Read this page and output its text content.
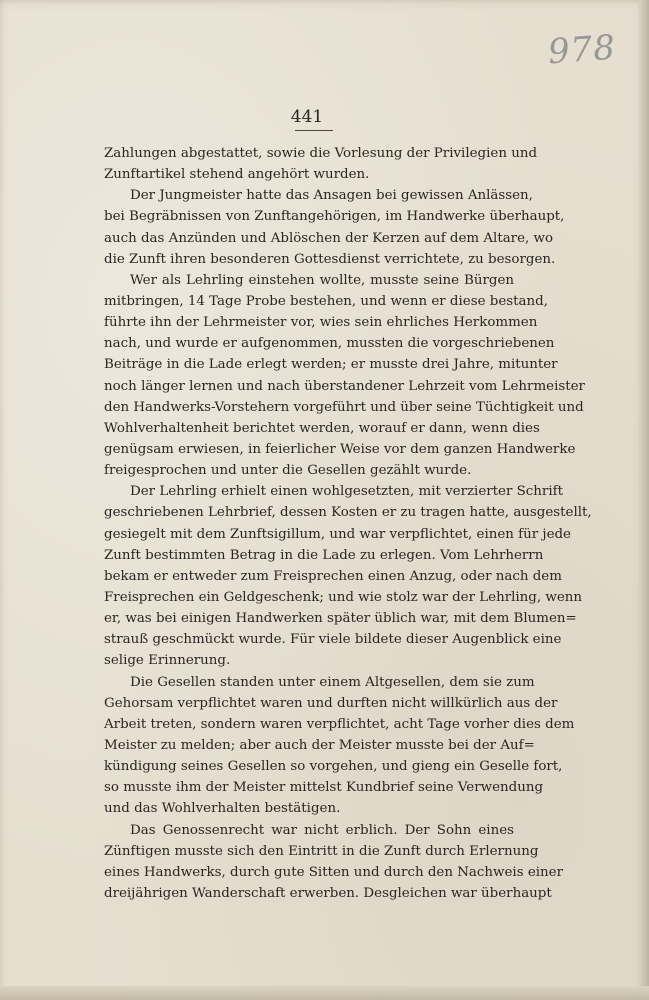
978
441
Zahlungen abgestattet, sowie die Vorlesung der Privilegien und
Zunftartikel stehend angehört wurden.
Der Jungmeister hatte das Ansagen bei gewissen Anlässen,
bei Begräbnissen von Zunftangehörigen, im Handwerke überhaupt,
auch das Anzünden und Ablöschen der Kerzen auf dem Altare, wo
die Zunft ihren besonderen Gottesdienst verrichtete, zu besorgen.
Wer als Lehrling einstehen wollte, musste seine Bürgen
mitbringen, 14 Tage Probe bestehen, und wenn er diese bestand,
führte ihn der Lehrmeister vor, wies sein ehrliches Herkommen
nach, und wurde er aufgenommen, mussten die vorgeschriebenen
Beiträge in die Lade erlegt werden; er musste drei Jahre, mitunter
noch länger lernen und nach überstandener Lehrzeit vom Lehrmeister
den Handwerks-Vorstehern vorgeführt und über seine Tüchtigkeit und
Wohlverhaltenheit berichtet werden, worauf er dann, wenn dies
genügsam erwiesen, in feierlicher Weise vor dem ganzen Handwerke
freigesprochen und unter die Gesellen gezählt wurde.
Der Lehrling erhielt einen wohlgesetzten, mit verzierter Schrift
geschriebenen Lehrbrief, dessen Kosten er zu tragen hatte, ausgestellt,
gesiegelt mit dem Zunftsigillum, und war verpflichtet, einen für jede
Zunft bestimmten Betrag in die Lade zu erlegen. Vom Lehrherrn
bekam er entweder zum Freisprechen einen Anzug, oder nach dem
Freisprechen ein Geldgeschenk; und wie stolz war der Lehrling, wenn
er, was bei einigen Handwerken später üblich war, mit dem Blumen=
strauß geschmückt wurde. Für viele bildete dieser Augenblick eine
selige Erinnerung.
Die Gesellen standen unter einem Altgesellen, dem sie zum
Gehorsam verpflichtet waren und durften nicht willkürlich aus der
Arbeit treten, sondern waren verpflichtet, acht Tage vorher dies dem
Meister zu melden; aber auch der Meister musste bei der Auf=
kündigung seines Gesellen so vorgehen, und gieng ein Geselle fort,
so musste ihm der Meister mittelst Kundbrief seine Verwendung
und das Wohlverhalten bestätigen.
Das Genossenrecht war nicht erblich. Der Sohn eines
Zünftigen musste sich den Eintritt in die Zunft durch Erlernung
eines Handwerks, durch gute Sitten und durch den Nachweis einer
dreijährigen Wanderschaft erwerben. Desgleichen war überhaupt
